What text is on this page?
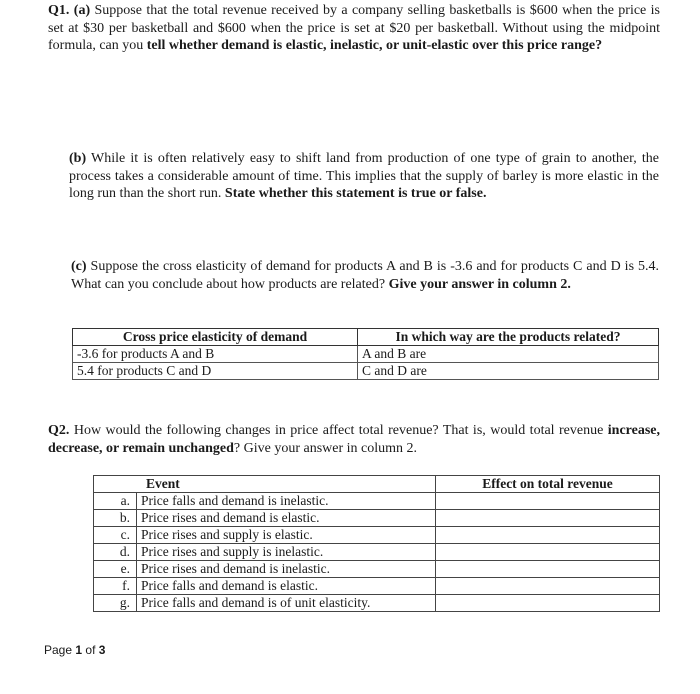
Q1. (a) Suppose that the total revenue received by a company selling basketballs is $600 when the price is set at $30 per basketball and $600 when the price is set at $20 per basketball. Without using the midpoint formula, can you tell whether demand is elastic, inelastic, or unit-elastic over this price range?
(b) While it is often relatively easy to shift land from production of one type of grain to another, the process takes a considerable amount of time. This implies that the supply of barley is more elastic in the long run than the short run. State whether this statement is true or false.
(c) Suppose the cross elasticity of demand for products A and B is -3.6 and for products C and D is 5.4. What can you conclude about how products are related? Give your answer in column 2.
Cross price elasticity of demand	In which way are the products related?
-3.6 for products A and B	A and B are
5.4 for products C and D	C and D are
Q2. How would the following changes in price affect total revenue? That is, would total revenue increase, decrease, or remain unchanged? Give your answer in column 2.
Event		Effect on total revenue
a.	Price falls and demand is inelastic.	
b.	Price rises and demand is elastic.	
c.	Price rises and supply is elastic.	
d.	Price rises and supply is inelastic.	
e.	Price rises and demand is inelastic.	
f.	Price falls and demand is elastic.	
g.	Price falls and demand is of unit elasticity.	
Page 1 of 3
